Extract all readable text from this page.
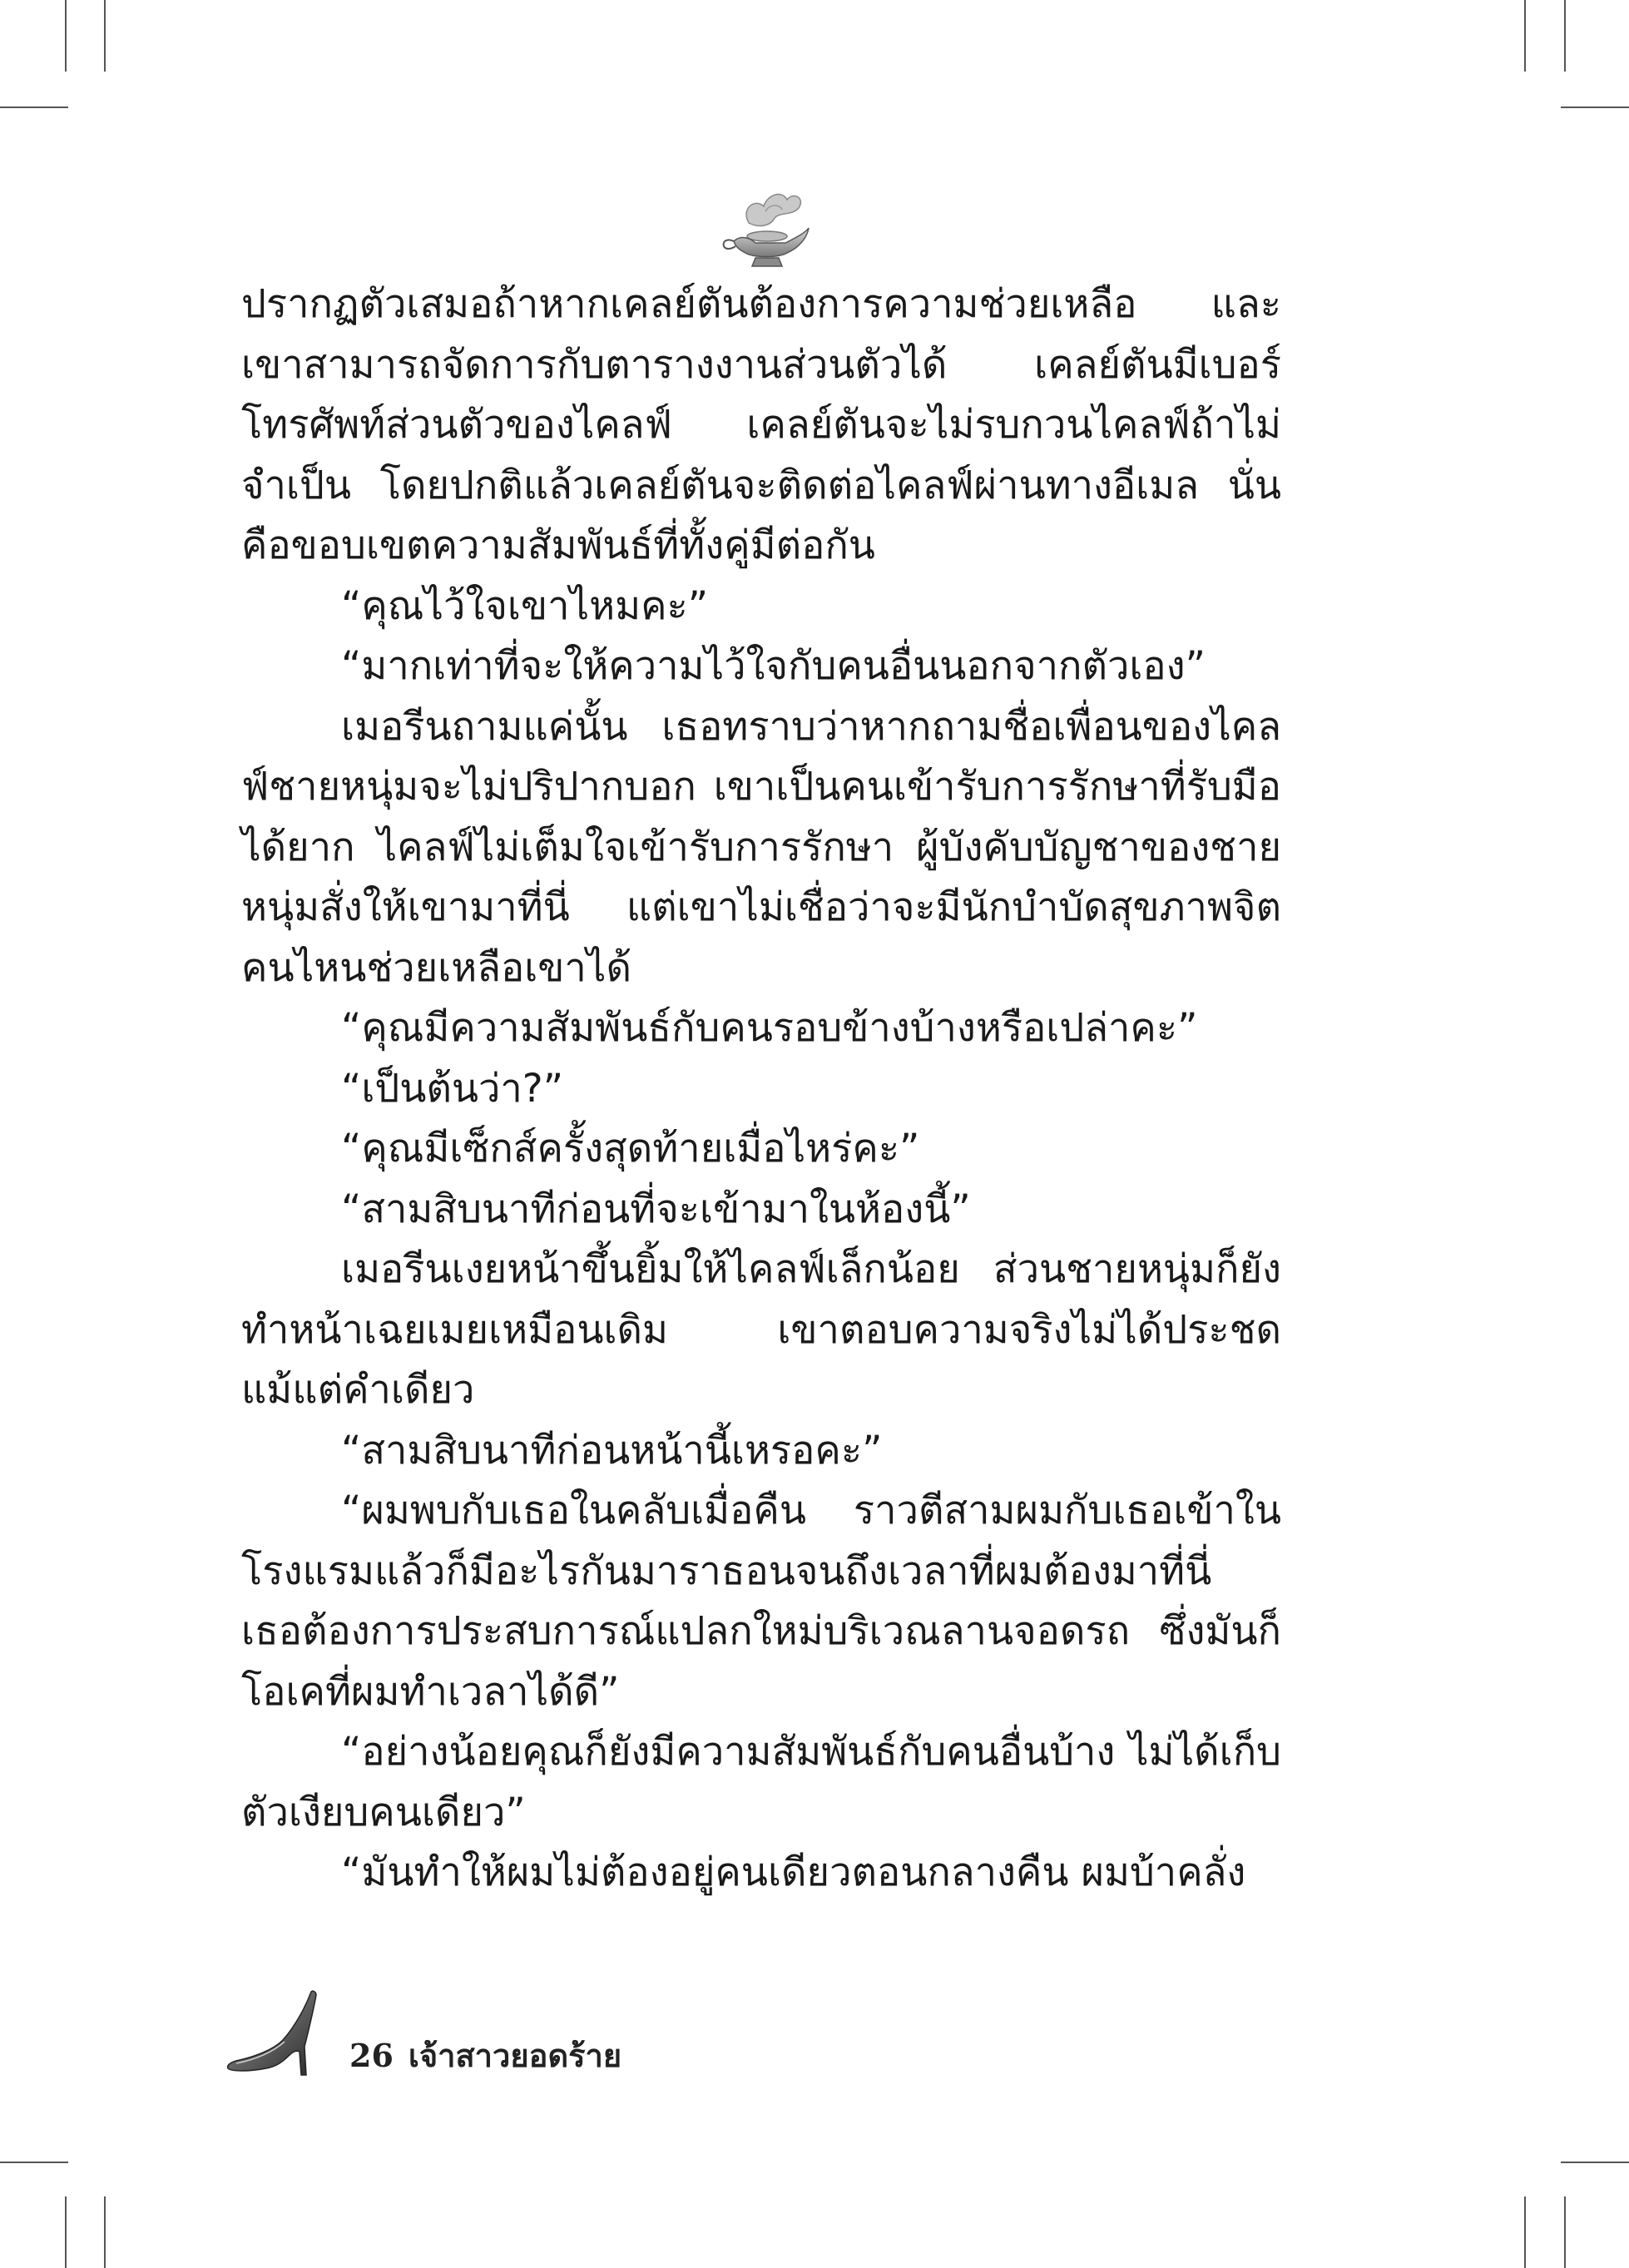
ปรากฏตัวเสมอถ้าหากเคลย์ตันต้องการความช่วยเหลือ และเขาสามารถจัดการกับตารางงานส่วนตัวได้ เคลย์ตันมีเบอร์โทรศัพท์ส่วนตัวของไคลฟ์ เคลย์ตันจะไม่รบกวนไคลฟ์ถ้าไม่จำเป็น โดยปกติแล้วเคลย์ตันจะติดต่อไคลฟ์ผ่านทางอีเมล นั่นคือขอบเขตความสัมพันธ์ที่ทั้งคู่มีต่อกัน

“คุณไว้ใจเขาไหมคะ”

“มากเท่าที่จะให้ความไว้ใจกับคนอื่นนอกจากตัวเอง”

เมอรีนถามแค่นั้น เธอทราบว่าหากถามชื่อเพื่อนของไคลฟ์ชายหนุ่มจะไม่ปริปากบอก เขาเป็นคนเข้ารับการรักษาที่รับมือได้ยาก ไคลฟ์ไม่เต็มใจเข้ารับการรักษา ผู้บังคับบัญชาของชายหนุ่มสั่งให้เขามาที่นี่ แต่เขาไม่เชื่อว่าจะมีนักบำบัดสุขภาพจิตคนไหนช่วยเหลือเขาได้

“คุณมีความสัมพันธ์กับคนรอบข้างบ้างหรือเปล่าคะ”

“เป็นต้นว่า?”

“คุณมีเซ็กส์ครั้งสุดท้ายเมื่อไหร่คะ”

“สามสิบนาทีก่อนที่จะเข้ามาในห้องนี้”

เมอรีนเงยหน้าขึ้นยิ้มให้ไคลฟ์เล็กน้อย ส่วนชายหนุ่มก็ยังทำหน้าเฉยเมยเหมือนเดิม เขาตอบความจริงไม่ได้ประชดแม้แต่คำเดียว

“สามสิบนาทีก่อนหน้านี้เหรอคะ”

“ผมพบกับเธอในคลับเมื่อคืน ราวตีสามผมกับเธอเข้าในโรงแรมแล้วก็มีอะไรกันมาราธอนจนถึงเวลาที่ผมต้องมาที่นี่ เธอต้องการประสบการณ์แปลกใหม่บริเวณลานจอดรถ ซึ่งมันก็โอเคที่ผมทำเวลาได้ดี”

“อย่างน้อยคุณก็ยังมีความสัมพันธ์กับคนอื่นบ้าง ไม่ได้เก็บตัวเงียบคนเดียว”

“มันทำให้ผมไม่ต้องอยู่คนเดียวตอนกลางคืน ผมบ้าคลั่ง

26 เจ้าสาวยอดร้าย
